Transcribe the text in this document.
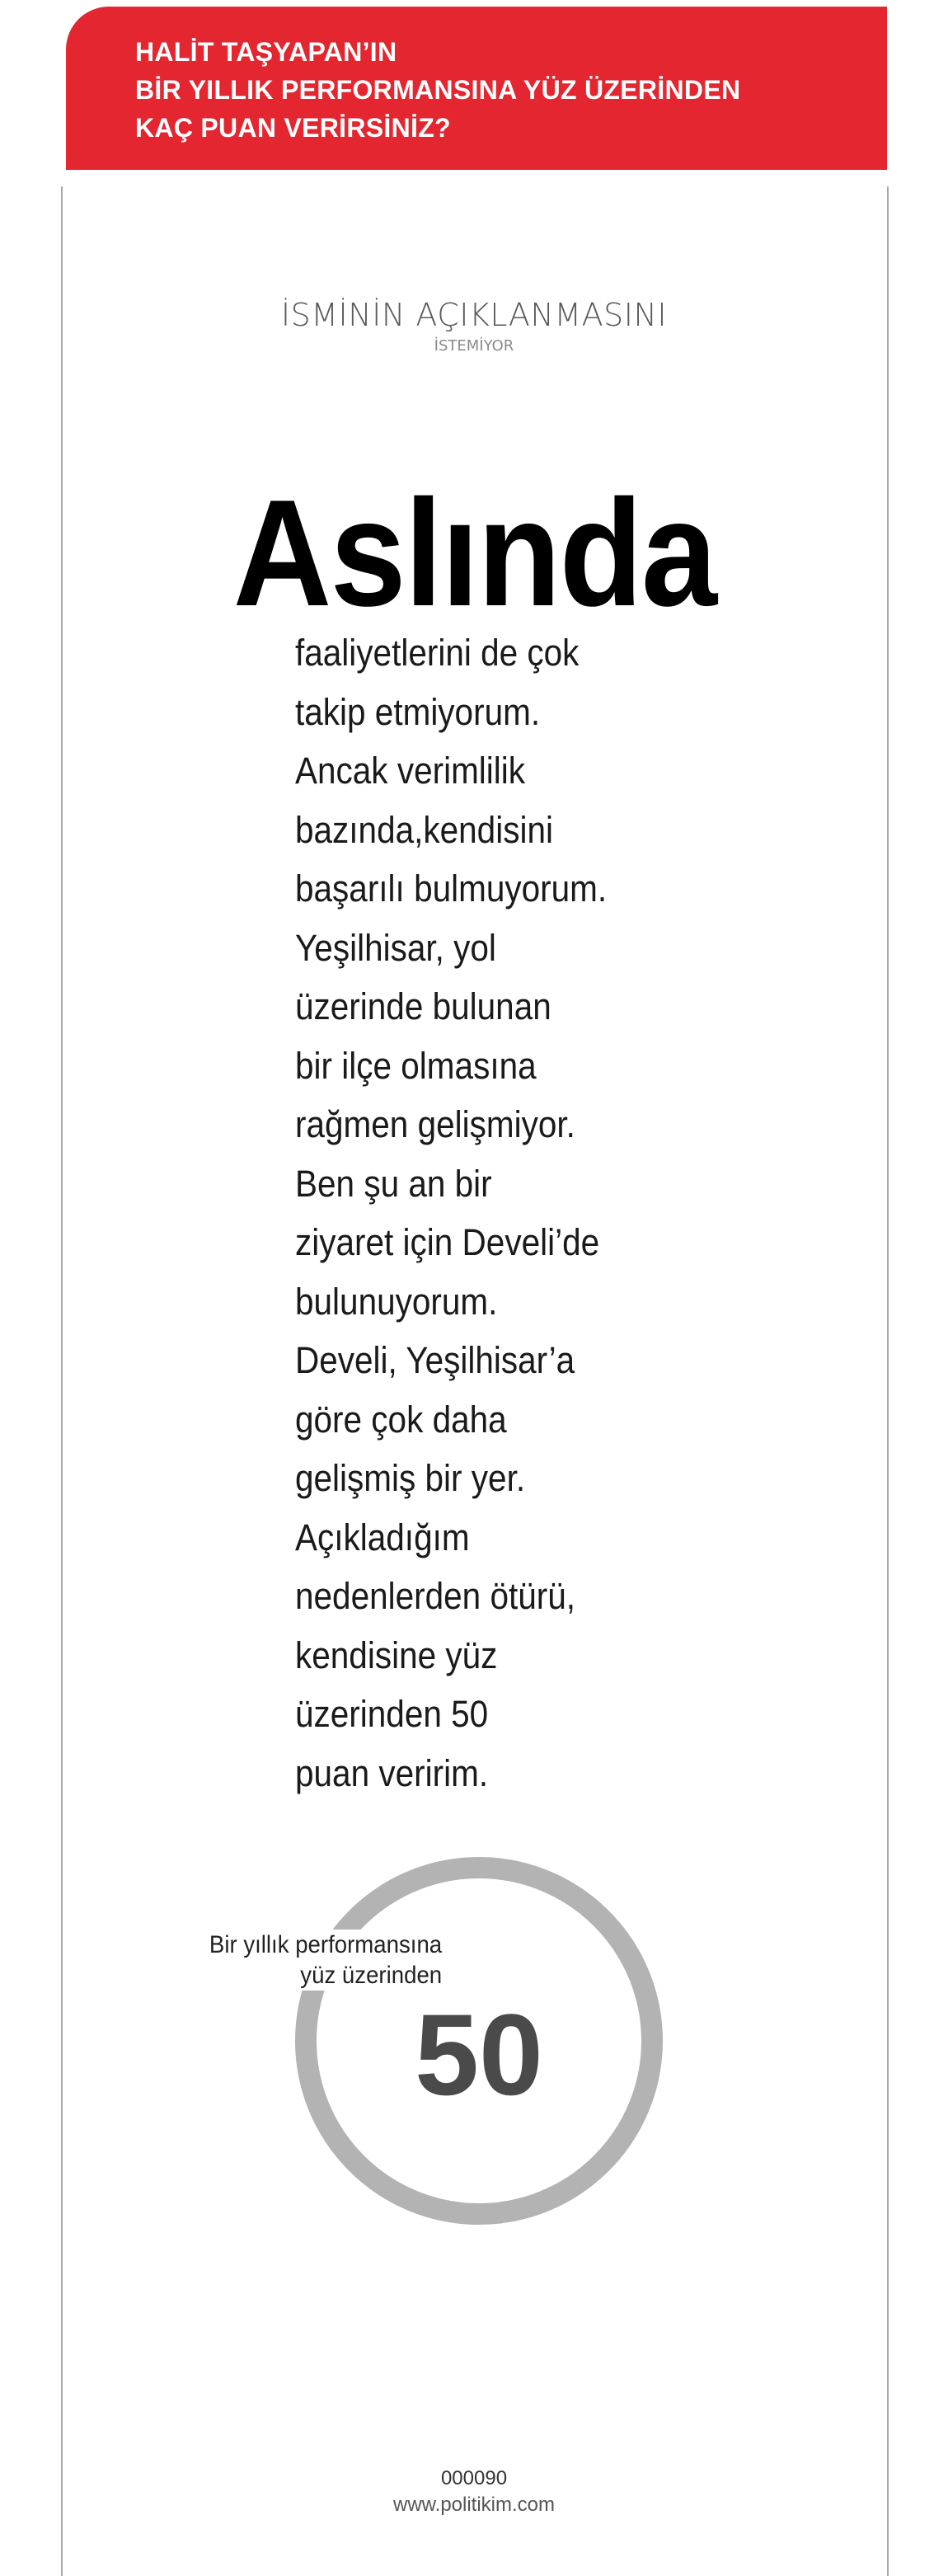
HALİT TAŞYAPAN’IN
BİR YILLIK PERFORMANSINA YÜZ ÜZERİNDEN
KAÇ PUAN VERİRSİNİZ?
İSMİNİN AÇIKLANMASINI
İSTEMİYOR
Aslında
faaliyetlerini de çok
takip etmiyorum.
Ancak verimlilik
bazında,kendisini
başarılı bulmuyorum.
Yeşilhisar, yol
üzerinde bulunan
bir ilçe olmasına
rağmen gelişmiyor.
Ben şu an bir
ziyaret için Develi’de
bulunuyorum.
Develi, Yeşilhisar’a
göre çok daha
gelişmiş bir yer.
Açıkladığım
nedenlerden ötürü,
kendisine yüz
üzerinden 50
puan veririm.
Bir yıllık performansına
yüz üzerinden
50
000090
www.politikim.com
